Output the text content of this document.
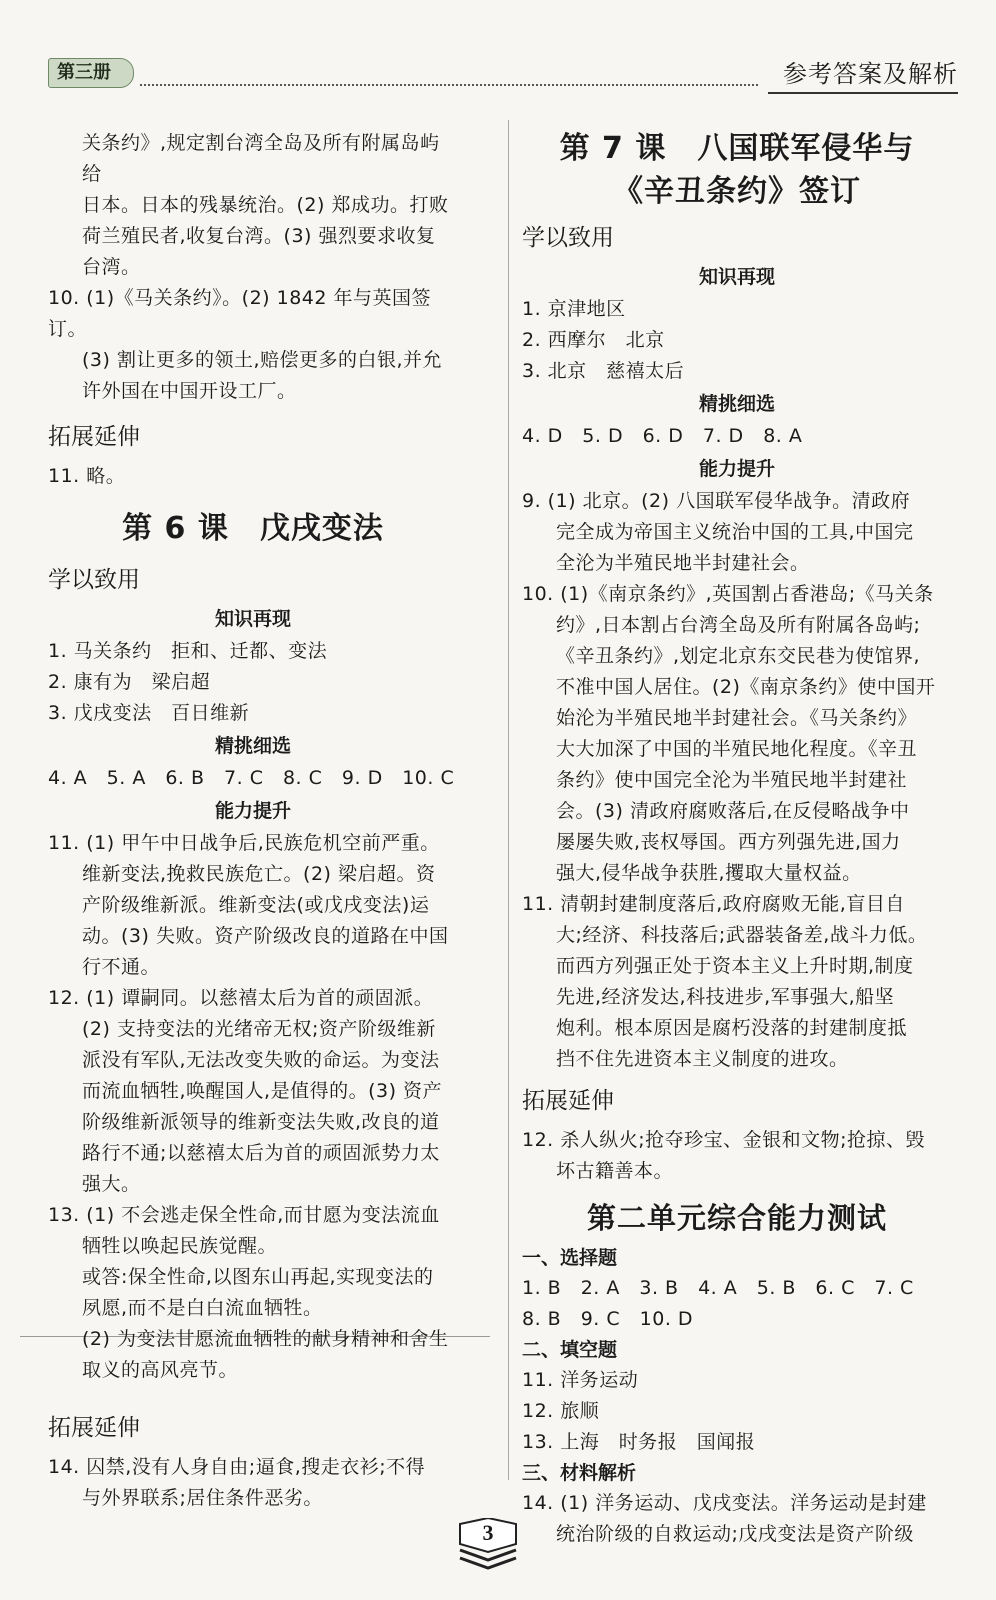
第三册	参考答案及解析

关条约》,规定割台湾全岛及所有附属岛屿给

日本。日本的残暴统治。(2) 郑成功。打败

荷兰殖民者,收复台湾。(3) 强烈要求收复

台湾。

10. (1)《马关条约》。(2) 1842 年与英国签订。

(3) 割让更多的领土,赔偿更多的白银,并允

许外国在中国开设工厂。

拓展延伸

11. 略。

第 6 课　戊戌变法
学以致用
知识再现

1. 马关条约　拒和、迁都、变法

2. 康有为　梁启超

3. 戊戌变法　百日维新

精挑细选

4. A　5. A　6. B　7. C　8. C　9. D　10. C

能力提升

11. (1) 甲午中日战争后,民族危机空前严重。

维新变法,挽救民族危亡。(2) 梁启超。资

产阶级维新派。维新变法(或戊戌变法)运

动。(3) 失败。资产阶级改良的道路在中国

行不通。

12. (1) 谭嗣同。以慈禧太后为首的顽固派。

(2) 支持变法的光绪帝无权;资产阶级维新

派没有军队,无法改变失败的命运。为变法

而流血牺牲,唤醒国人,是值得的。(3) 资产

阶级维新派领导的维新变法失败,改良的道

路行不通;以慈禧太后为首的顽固派势力太

强大。

13. (1) 不会逃走保全性命,而甘愿为变法流血

牺牲以唤起民族觉醒。

或答:保全性命,以图东山再起,实现变法的

夙愿,而不是白白流血牺牲。

(2) 为变法甘愿流血牺牲的献身精神和舍生

取义的高风亮节。

拓展延伸

14. 囚禁,没有人身自由;逼食,搜走衣衫;不得

与外界联系;居住条件恶劣。

第 7 课　八国联军侵华与
《辛丑条约》签订
学以致用
知识再现

1. 京津地区

2. 西摩尔　北京

3. 北京　慈禧太后

精挑细选

4. D　5. D　6. D　7. D　8. A

能力提升

9. (1) 北京。(2) 八国联军侵华战争。清政府

完全成为帝国主义统治中国的工具,中国完

全沦为半殖民地半封建社会。

10. (1)《南京条约》,英国割占香港岛;《马关条

约》,日本割占台湾全岛及所有附属各岛屿;

《辛丑条约》,划定北京东交民巷为使馆界,

不准中国人居住。(2)《南京条约》使中国开

始沦为半殖民地半封建社会。《马关条约》

大大加深了中国的半殖民地化程度。《辛丑

条约》使中国完全沦为半殖民地半封建社

会。(3) 清政府腐败落后,在反侵略战争中

屡屡失败,丧权辱国。西方列强先进,国力

强大,侵华战争获胜,攫取大量权益。

11. 清朝封建制度落后,政府腐败无能,盲目自

大;经济、科技落后;武器装备差,战斗力低。

而西方列强正处于资本主义上升时期,制度

先进,经济发达,科技进步,军事强大,船坚

炮利。根本原因是腐朽没落的封建制度抵

挡不住先进资本主义制度的进攻。

拓展延伸

12. 杀人纵火;抢夺珍宝、金银和文物;抢掠、毁

坏古籍善本。

第二单元综合能力测试
一、选择题

1. B　2. A　3. B　4. A　5. B　6. C　7. C

8. B　9. C　10. D

二、填空题

11. 洋务运动

12. 旅顺

13. 上海　时务报　国闻报

三、材料解析

14. (1) 洋务运动、戊戌变法。洋务运动是封建

统治阶级的自救运动;戊戌变法是资产阶级

3
